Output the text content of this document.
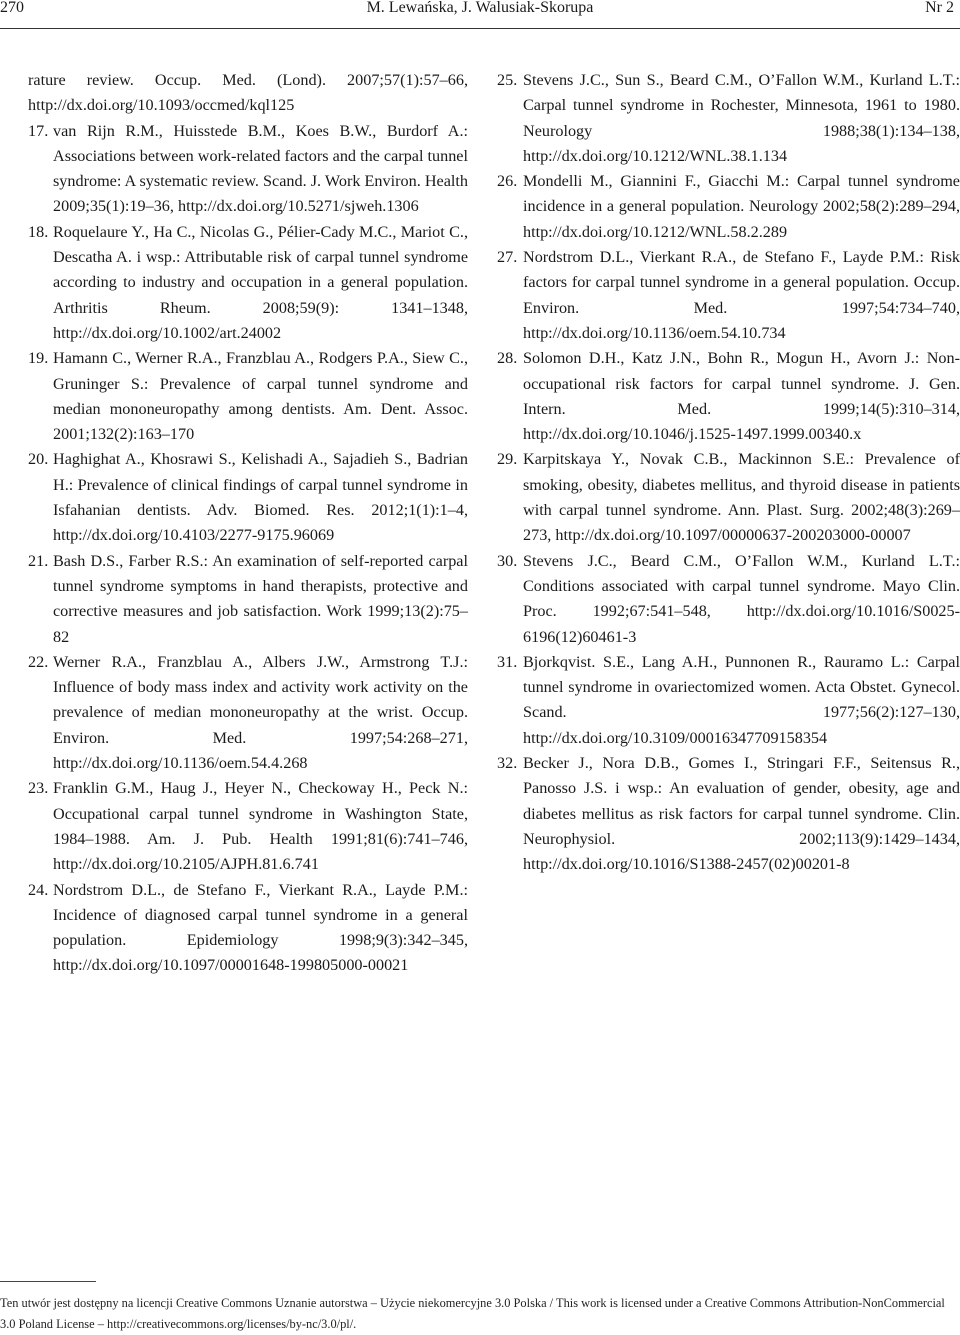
270	M. Lewańska, J. Walusiak-Skorupa	Nr 2

rature review. Occup. Med. (Lond). 2007;57(1):57–66, http://dx.doi.org/10.1093/occmed/kql125

17. van Rijn R.M., Huisstede B.M., Koes B.W., Burdorf A.: Associations between work-related factors and the carpal tunnel syndrome: A systematic review. Scand. J. Work Environ. Health 2009;35(1):19–36, http://dx.doi.org/10.5271/sjweh.1306
18. Roquelaure Y., Ha C., Nicolas G., Pélier-Cady M.C., Mariot C., Descatha A. i wsp.: Attributable risk of carpal tunnel syndrome according to industry and occupation in a general population. Arthritis Rheum. 2008;59(9): 1341–1348, http://dx.doi.org/10.1002/art.24002
19. Hamann C., Werner R.A., Franzblau A., Rodgers P.A., Siew C., Gruninger S.: Prevalence of carpal tunnel syndrome and median mononeuropathy among dentists. Am. Dent. Assoc. 2001;132(2):163–170
20. Haghighat A., Khosrawi S., Kelishadi A., Sajadieh S., Badrian H.: Prevalence of clinical findings of carpal tunnel syndrome in Isfahanian dentists. Adv. Biomed. Res. 2012;1(1):1–4, http://dx.doi.org/10.4103/2277-9175.96069
21. Bash D.S., Farber R.S.: An examination of self-reported carpal tunnel syndrome symptoms in hand therapists, protective and corrective measures and job satisfaction. Work 1999;13(2):75–82
22. Werner R.A., Franzblau A., Albers J.W., Armstrong T.J.: Influence of body mass index and activity work activity on the prevalence of median mononeuropathy at the wrist. Occup. Environ. Med. 1997;54:268–271, http://dx.doi.org/10.1136/oem.54.4.268
23. Franklin G.M., Haug J., Heyer N., Checkoway H., Peck N.: Occupational carpal tunnel syndrome in Washington State, 1984–1988. Am. J. Pub. Health 1991;81(6):741–746, http://dx.doi.org/10.2105/AJPH.81.6.741
24. Nordstrom D.L., de Stefano F., Vierkant R.A., Layde P.M.: Incidence of diagnosed carpal tunnel syndrome in a general population. Epidemiology 1998;9(3):342–345, http://dx.doi.org/10.1097/00001648-199805000-00021
25. Stevens J.C., Sun S., Beard C.M., O’Fallon W.M., Kurland L.T.: Carpal tunnel syndrome in Rochester, Minnesota, 1961 to 1980. Neurology 1988;38(1):134–138, http://dx.doi.org/10.1212/WNL.38.1.134
26. Mondelli M., Giannini F., Giacchi M.: Carpal tunnel syndrome incidence in a general population. Neurology 2002;58(2):289–294, http://dx.doi.org/10.1212/WNL.58.2.289
27. Nordstrom D.L., Vierkant R.A., de Stefano F., Layde P.M.: Risk factors for carpal tunnel syndrome in a general population. Occup. Environ. Med. 1997;54:734–740, http://dx.doi.org/10.1136/oem.54.10.734
28. Solomon D.H., Katz J.N., Bohn R., Mogun H., Avorn J.: Non-occupational risk factors for carpal tunnel syndrome. J. Gen. Intern. Med. 1999;14(5):310–314, http://dx.doi.org/10.1046/j.1525-1497.1999.00340.x
29. Karpitskaya Y., Novak C.B., Mackinnon S.E.: Prevalence of smoking, obesity, diabetes mellitus, and thyroid disease in patients with carpal tunnel syndrome. Ann. Plast. Surg. 2002;48(3):269–273, http://dx.doi.org/10.1097/00000637-200203000-00007
30. Stevens J.C., Beard C.M., O’Fallon W.M., Kurland L.T.: Conditions associated with carpal tunnel syndrome. Mayo Clin. Proc. 1992;67:541–548, http://dx.doi.org/10.1016/S0025-6196(12)60461-3
31. Bjorkqvist. S.E., Lang A.H., Punnonen R., Rauramo L.: Carpal tunnel syndrome in ovariectomized women. Acta Obstet. Gynecol. Scand. 1977;56(2):127–130, http://dx.doi.org/10.3109/00016347709158354
32. Becker J., Nora D.B., Gomes I., Stringari F.F., Seitensus R., Panosso J.S. i wsp.: An evaluation of gender, obesity, age and diabetes mellitus as risk factors for carpal tunnel syndrome. Clin. Neurophysiol. 2002;113(9):1429–1434, http://dx.doi.org/10.1016/S1388-2457(02)00201-8
Ten utwór jest dostępny na licencji Creative Commons Uznanie autorstwa – Użycie niekomercyjne 3.0 Polska / This work is licensed under a Creative Commons Attribution-NonCommercial 3.0 Poland License – http://creativecommons.org/licenses/by-nc/3.0/pl/.
